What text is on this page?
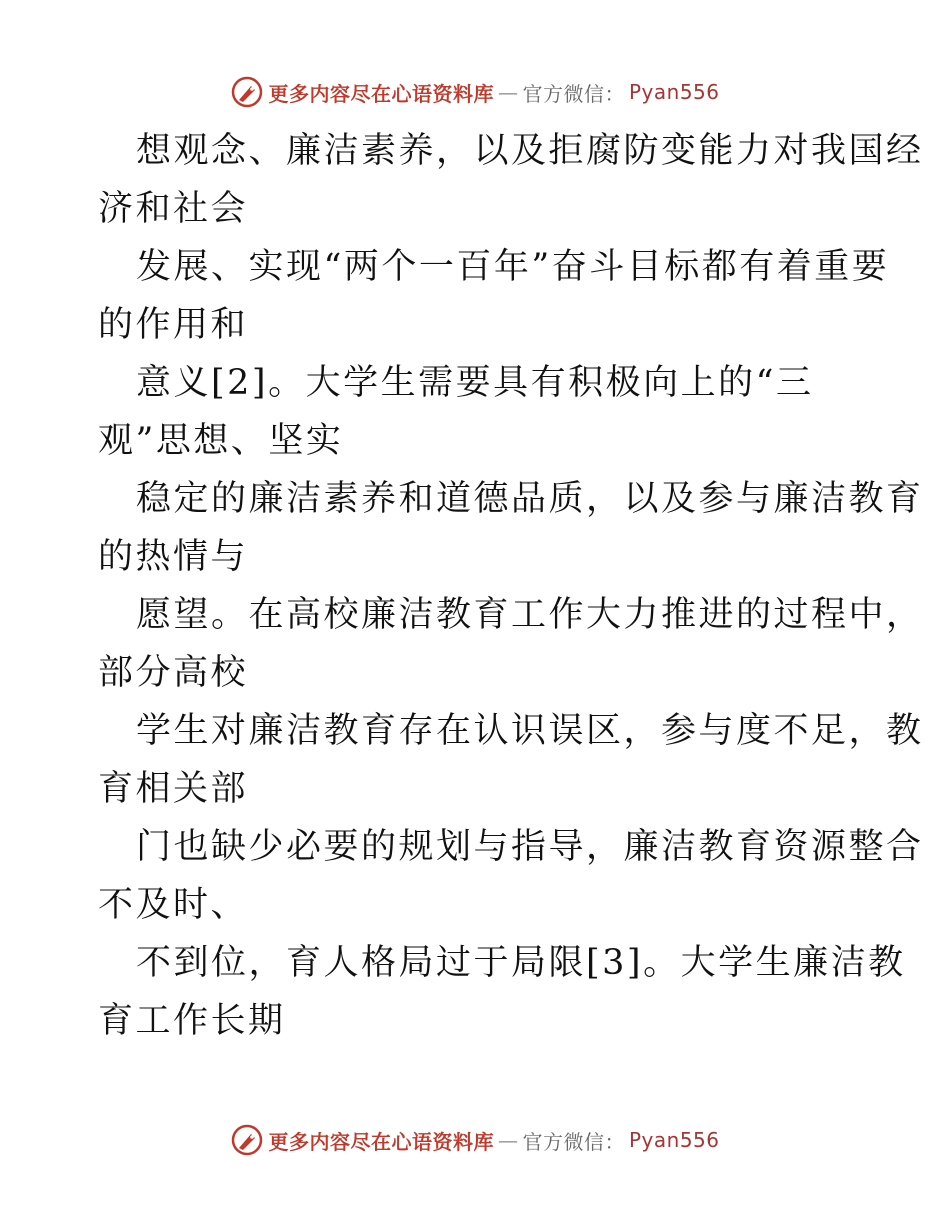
更多内容尽在心语资料库 — 官方微信： Pyan556

想观念、廉洁素养，以及拒腐防变能力对我国经

济和社会

发展、实现“两个一百年”奋斗目标都有着重要

的作用和

意义[2]。大学生需要具有积极向上的“三

观”思想、坚实

稳定的廉洁素养和道德品质，以及参与廉洁教育

的热情与

愿望。在高校廉洁教育工作大力推进的过程中，

部分高校

学生对廉洁教育存在认识误区，参与度不足，教

育相关部

门也缺少必要的规划与指导，廉洁教育资源整合

不及时、

不到位，育人格局过于局限[3]。大学生廉洁教

育工作长期

更多内容尽在心语资料库 — 官方微信： Pyan556
